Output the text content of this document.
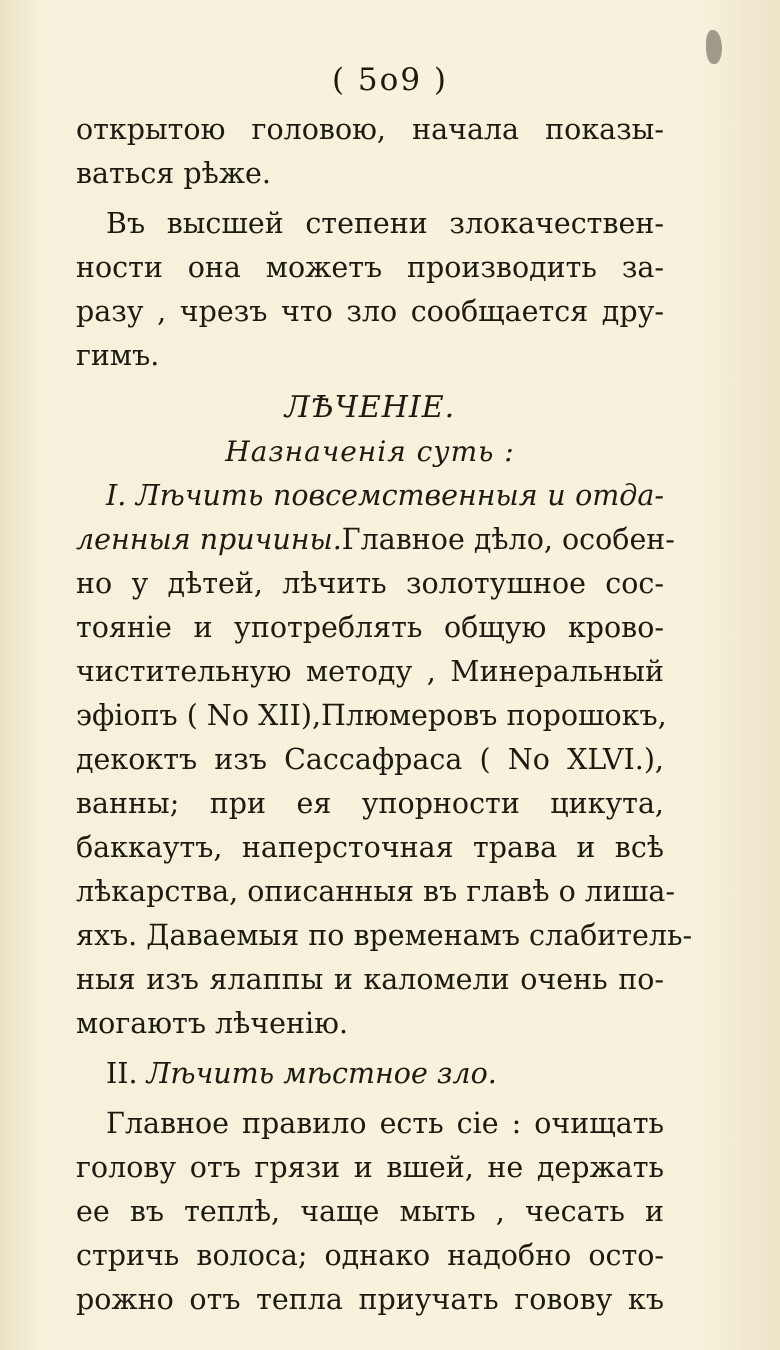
( 5о9 )
открытою головою, начала показы-
ваться рѣже.
Въ высшей степени злокачествен-
ности она можетъ производить за-
разу , чрезъ что зло сообщается дру-
гимъ.
ЛѢЧЕНІЕ.
Назначенія суть :
I. Лѣчить повсемственныя и отда-
ленныя причины.Главное дѣло, особен-
но у дѣтей, лѣчить золотушное сос-
тояніе и употреблять общую крово-
чистительную методу , Минеральный
эфіопъ ( No XII),Плюмеровъ порошокъ,
декоктъ изъ Сассафраса ( No XLVI.),
ванны; при ея упорности цикута,
баккаутъ, наперсточная трава и всѣ
лѣкарства, описанныя въ главѣ о лиша-
яхъ. Даваемыя по временамъ слабитель-
ныя изъ ялаппы и каломели очень по-
могаютъ лѣченію.
II. Лѣчить мѣстное зло.
Главное правило есть сіе : очищать
голову отъ грязи и вшей, не держать
ее въ теплѣ, чаще мыть , чесать и
стричь волоса; однако надобно осто-
рожно отъ тепла приучать говову къ
